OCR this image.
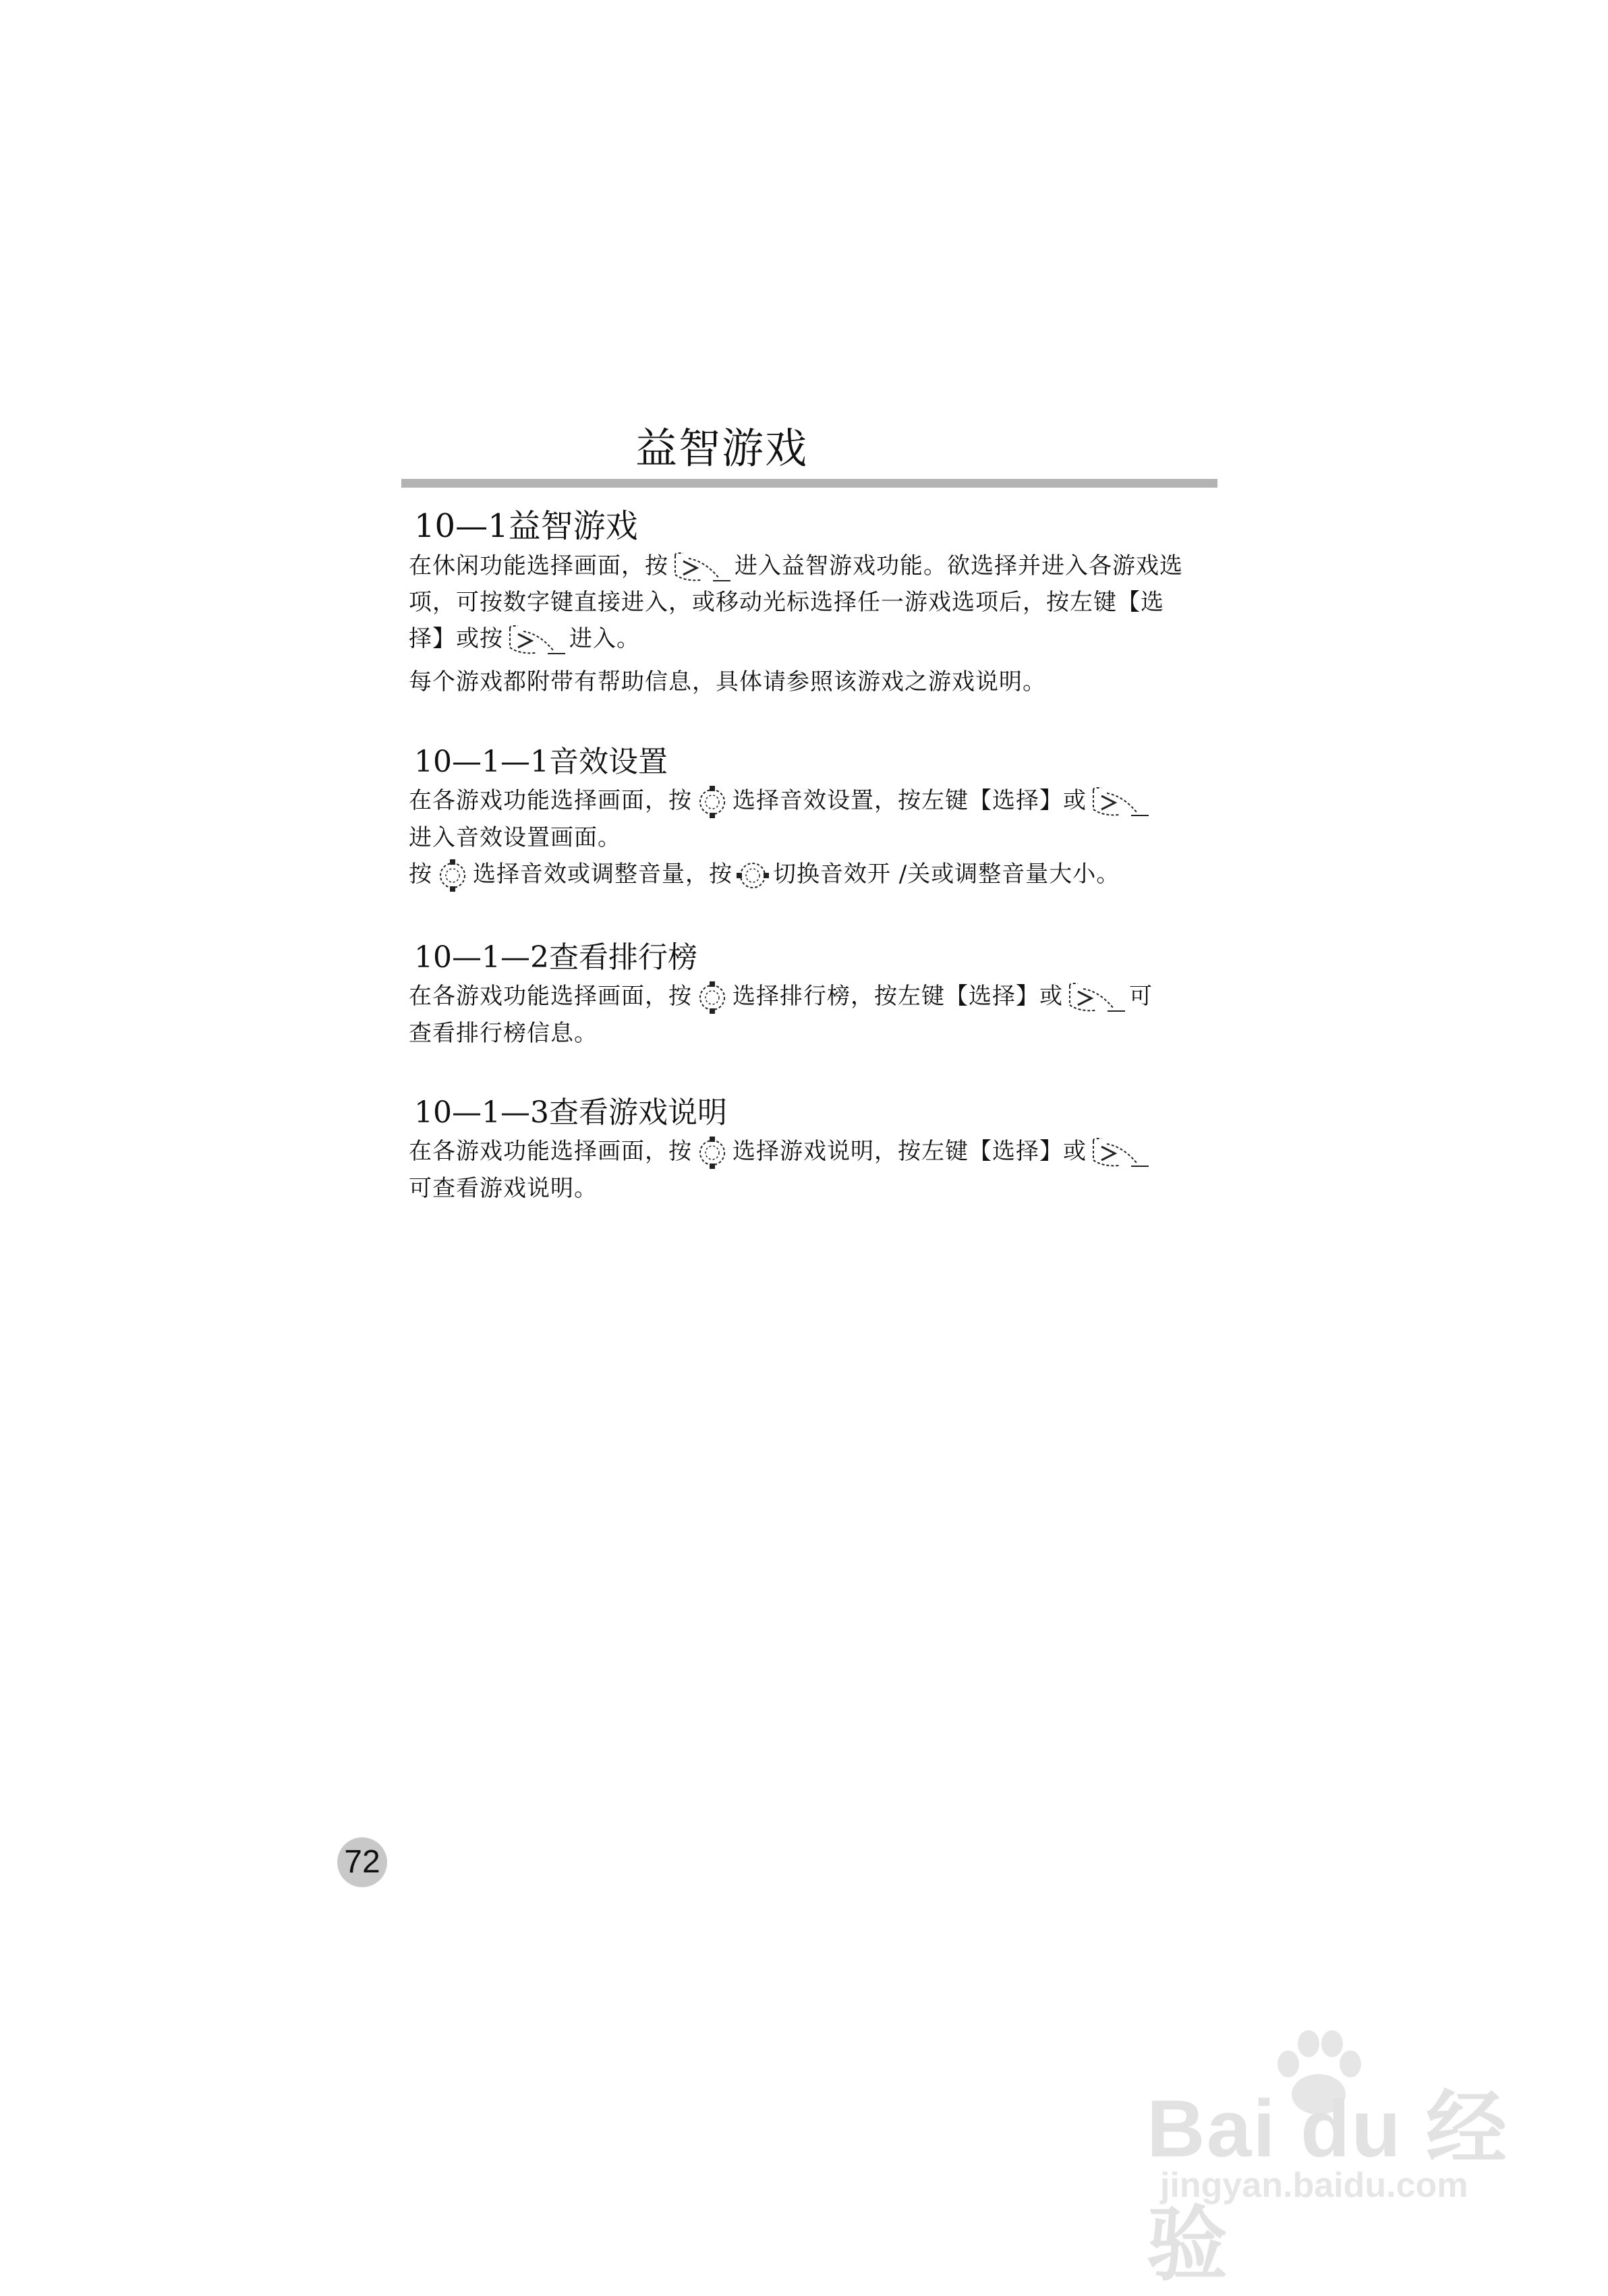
益智游戏
10—1益智游戏
在休闲功能选择画面，按	进入益智游戏功能。欲选择并进入各游戏选
项，可按数字键直接进入，或移动光标选择任一游戏选项后，按左键【选
择】或按	进入。
每个游戏都附带有帮助信息，具体请参照该游戏之游戏说明。
10—1—1音效设置
在各游戏功能选择画面，按 选择音效设置，按左键【选择】或
进入音效设置画面。
按 选择音效或调整音量，按 切换音效开 /关或调整音量大小。
10—1—2查看排行榜
在各游戏功能选择画面，按 选择排行榜，按左键【选择】或	可
查看排行榜信息。
10—1—3查看游戏说明
在各游戏功能选择画面，按 选择游戏说明，按左键【选择】或
可查看游戏说明。
72
Bai du 经验
jingyan.baidu.com
